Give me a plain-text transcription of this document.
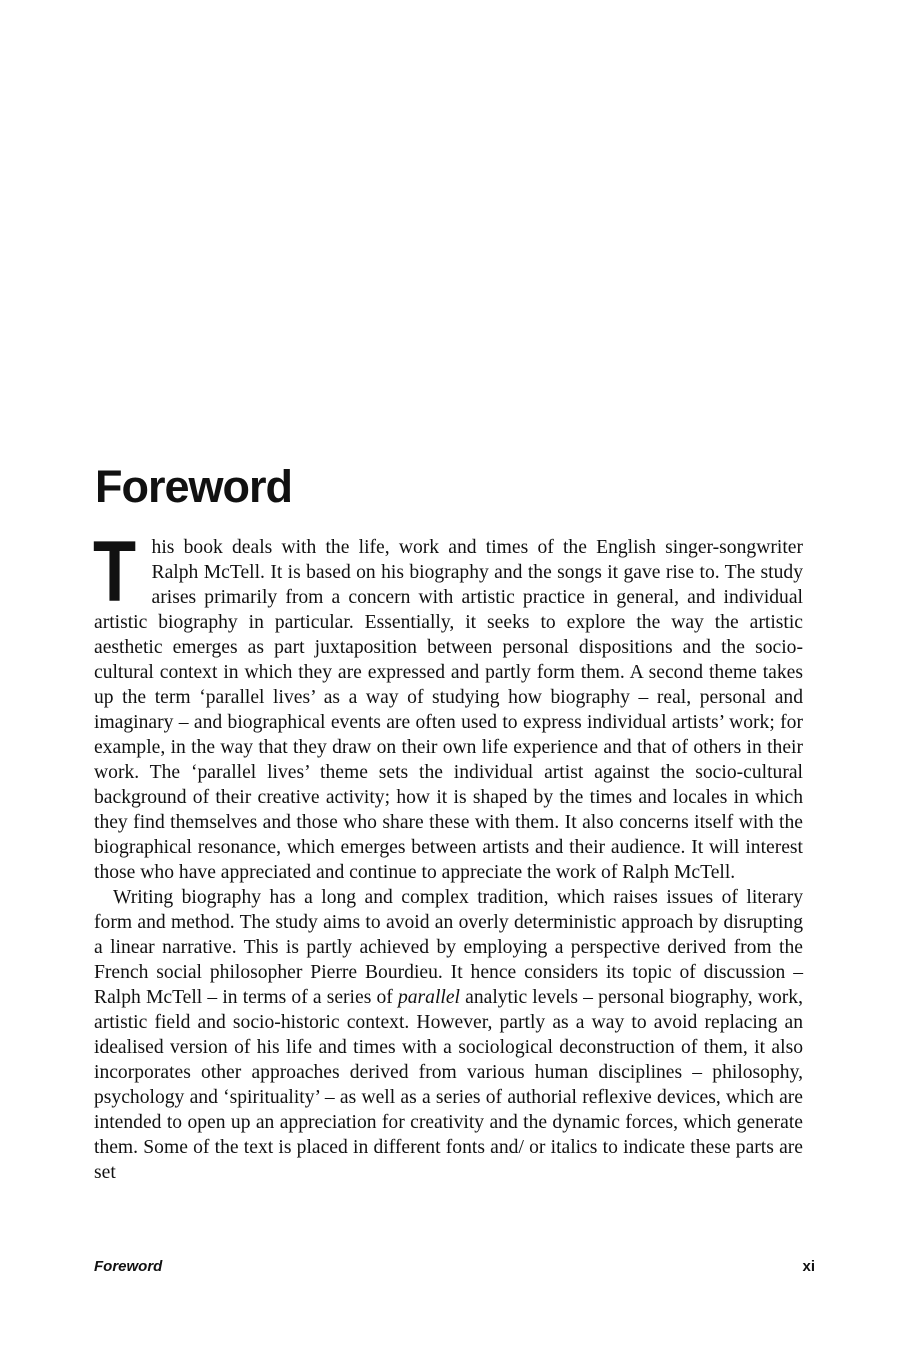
Foreword

This book deals with the life, work and times of the English singer-songwriter Ralph McTell. It is based on his biography and the songs it gave rise to. The study arises primarily from a concern with artistic practice in general, and individual artistic biography in particular. Essentially, it seeks to explore the way the artistic aesthetic emerges as part juxtaposition between personal dispositions and the socio-cultural context in which they are expressed and partly form them. A second theme takes up the term ‘parallel lives’ as a way of studying how biography – real, personal and imaginary – and biographical events are often used to express individual artists’ work; for example, in the way that they draw on their own life experience and that of others in their work. The ‘parallel lives’ theme sets the individual artist against the socio-cultural background of their creative activity; how it is shaped by the times and locales in which they find themselves and those who share these with them. It also concerns itself with the biographical resonance, which emerges between artists and their audience. It will interest those who have appreciated and continue to appreciate the work of Ralph McTell.

Writing biography has a long and complex tradition, which raises issues of literary form and method. The study aims to avoid an overly deterministic approach by disrupting a linear narrative. This is partly achieved by employing a perspective derived from the French social philosopher Pierre Bourdieu. It hence considers its topic of discussion – Ralph McTell – in terms of a series of parallel analytic levels – personal biography, work, artistic field and socio-historic context. However, partly as a way to avoid replacing an idealised version of his life and times with a sociological deconstruction of them, it also incorporates other approaches derived from various human disciplines – philosophy, psychology and ‘spirituality’ – as well as a series of authorial reflexive devices, which are intended to open up an appreciation for creativity and the dynamic forces, which generate them. Some of the text is placed in different fonts and/ or italics to indicate these parts are set

Foreword	xi
